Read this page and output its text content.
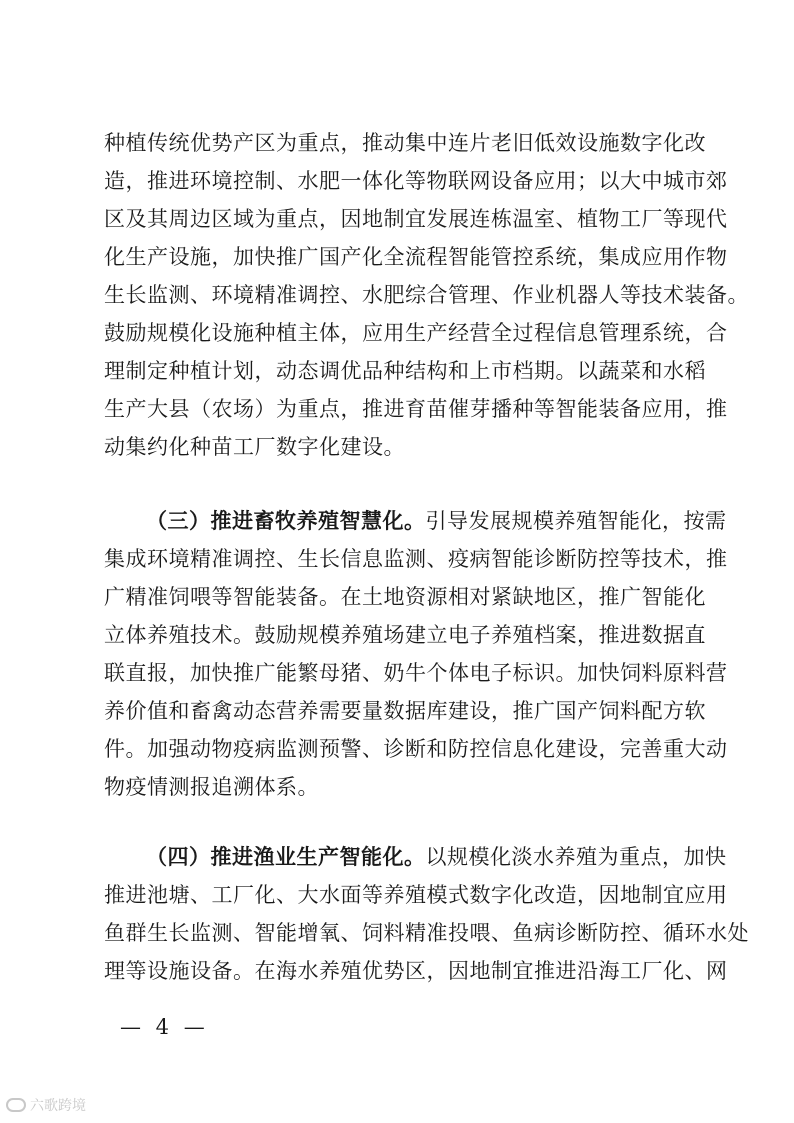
种植传统优势产区为重点，推动集中连片老旧低效设施数字化改
造，推进环境控制、水肥一体化等物联网设备应用；以大中城市郊
区及其周边区域为重点，因地制宜发展连栋温室、植物工厂等现代
化生产设施，加快推广国产化全流程智能管控系统，集成应用作物
生长监测、环境精准调控、水肥综合管理、作业机器人等技术装备。
鼓励规模化设施种植主体，应用生产经营全过程信息管理系统，合
理制定种植计划，动态调优品种结构和上市档期。以蔬菜和水稻
生产大县（农场）为重点，推进育苗催芽播种等智能装备应用，推
动集约化种苗工厂数字化建设。
（三）推进畜牧养殖智慧化。引导发展规模养殖智能化，按需
集成环境精准调控、生长信息监测、疫病智能诊断防控等技术，推
广精准饲喂等智能装备。在土地资源相对紧缺地区，推广智能化
立体养殖技术。鼓励规模养殖场建立电子养殖档案，推进数据直
联直报，加快推广能繁母猪、奶牛个体电子标识。加快饲料原料营
养价值和畜禽动态营养需要量数据库建设，推广国产饲料配方软
件。加强动物疫病监测预警、诊断和防控信息化建设，完善重大动
物疫情测报追溯体系。
（四）推进渔业生产智能化。以规模化淡水养殖为重点，加快
推进池塘、工厂化、大水面等养殖模式数字化改造，因地制宜应用
鱼群生长监测、智能增氧、饲料精准投喂、鱼病诊断防控、循环水处
理等设施设备。在海水养殖优势区，因地制宜推进沿海工厂化、网
— 4 —
六歌跨境
